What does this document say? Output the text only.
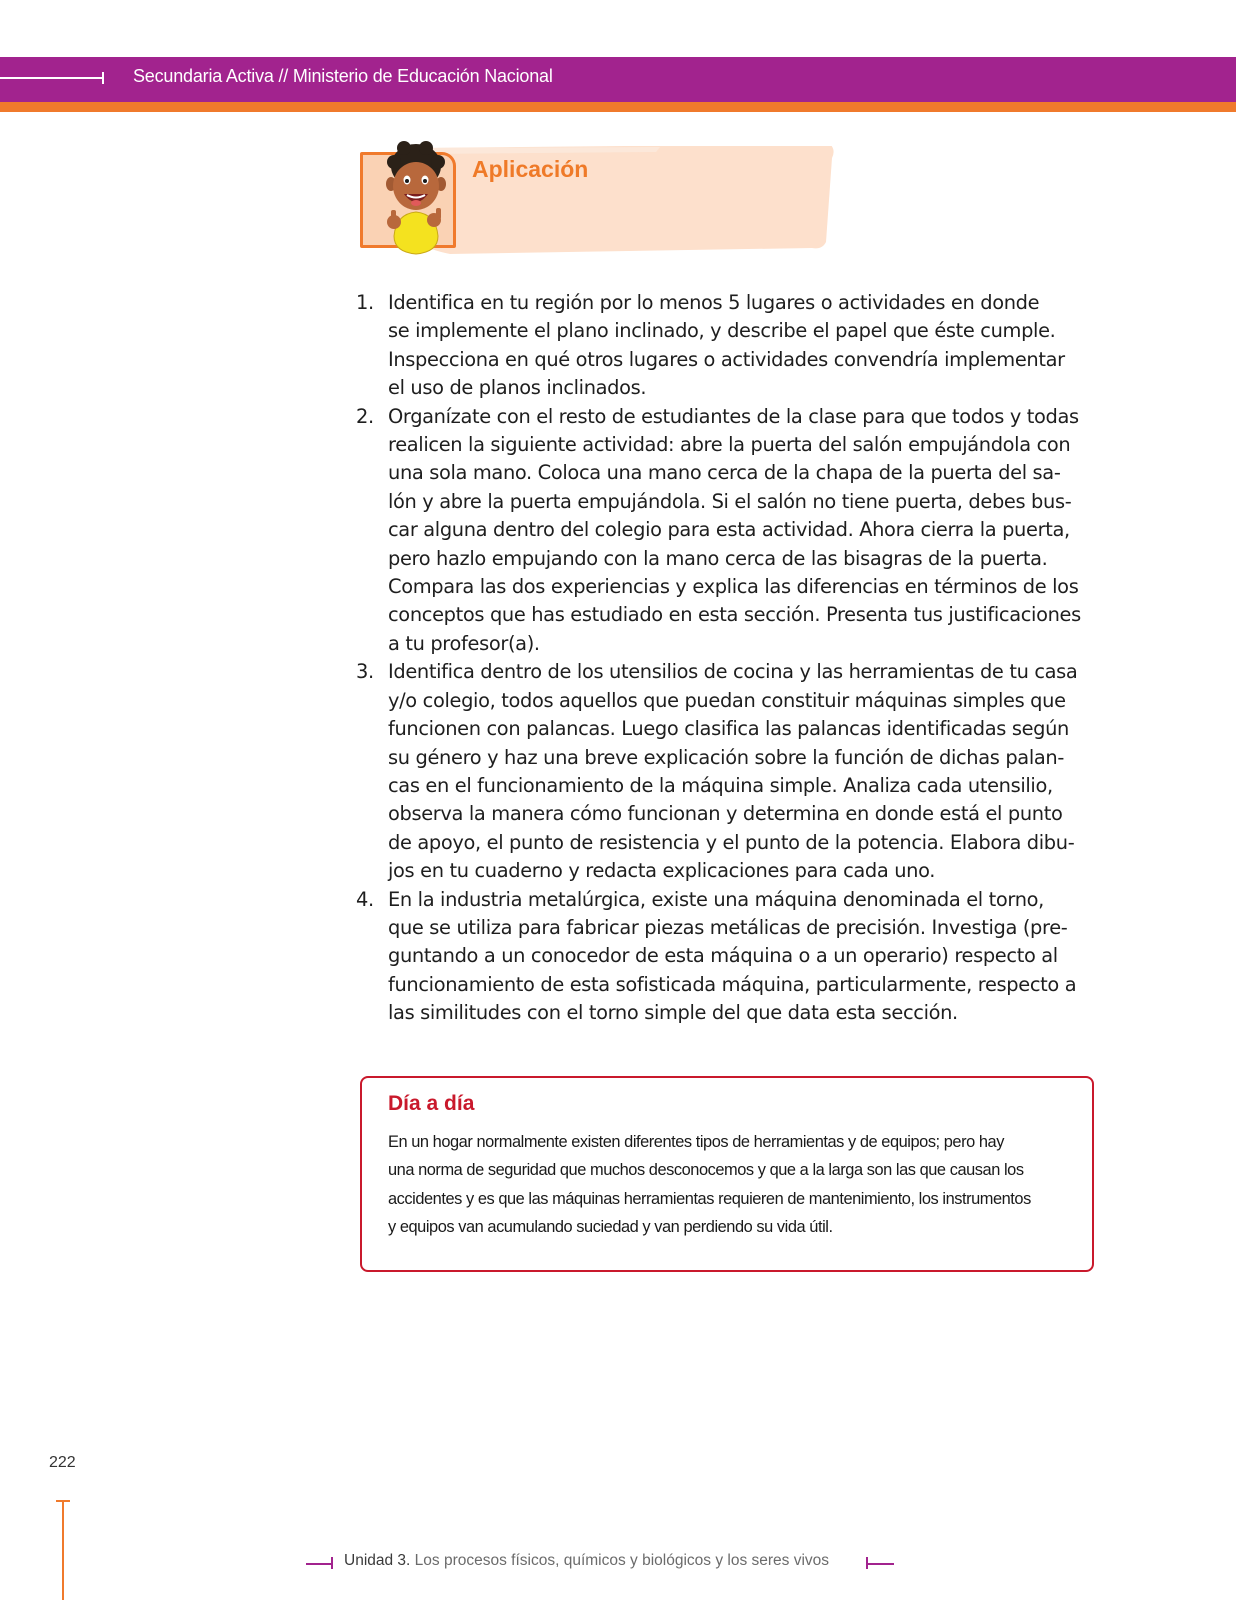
Secundaria Activa // Ministerio de Educación Nacional
Aplicación
1. Identifica en tu región por lo menos 5 lugares o actividades en donde
se implemente el plano inclinado, y describe el papel que éste cumple.
Inspecciona en qué otros lugares o actividades convendría implementar
el uso de planos inclinados.
2. Organízate con el resto de estudiantes de la clase para que todos y todas
realicen la siguiente actividad: abre la puerta del salón empujándola con
una sola mano. Coloca una mano cerca de la chapa de la puerta del sa-
lón y abre la puerta empujándola. Si el salón no tiene puerta, debes bus-
car alguna dentro del colegio para esta actividad. Ahora cierra la puerta,
pero hazlo empujando con la mano cerca de las bisagras de la puerta.
Compara las dos experiencias y explica las diferencias en términos de los
conceptos que has estudiado en esta sección. Presenta tus justificaciones
a tu profesor(a).
3. Identifica dentro de los utensilios de cocina y las herramientas de tu casa
y/o colegio, todos aquellos que puedan constituir máquinas simples que
funcionen con palancas. Luego clasifica las palancas identificadas según
su género y haz una breve explicación sobre la función de dichas palan-
cas en el funcionamiento de la máquina simple. Analiza cada utensilio,
observa la manera cómo funcionan y determina en donde está el punto
de apoyo, el punto de resistencia y el punto de la potencia. Elabora dibu-
jos en tu cuaderno y redacta explicaciones para cada uno.
4. En la industria metalúrgica, existe una máquina denominada el torno,
que se utiliza para fabricar piezas metálicas de precisión. Investiga (pre-
guntando a un conocedor de esta máquina o a un operario) respecto al
funcionamiento de esta sofisticada máquina, particularmente, respecto a
las similitudes con el torno simple del que data esta sección.
Día a día
En un hogar normalmente existen diferentes tipos de herramientas y de equipos; pero hay
una norma de seguridad que muchos desconocemos y que a la larga son las que causan los
accidentes y es que las máquinas herramientas requieren de mantenimiento, los instrumentos
y equipos van acumulando suciedad y van perdiendo su vida útil.
222
Unidad 3. Los procesos físicos, químicos y biológicos y los seres vivos
